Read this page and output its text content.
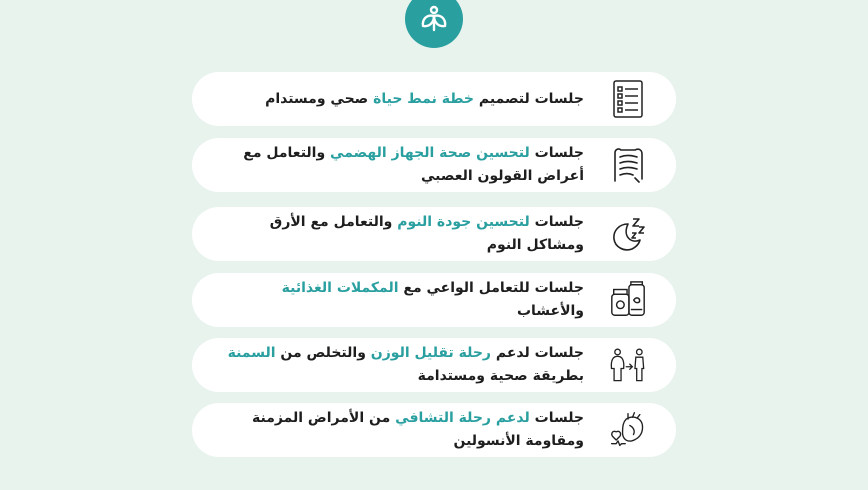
جلسات لتصميم خطة نمط حياة صحي ومستدام
جلسات لتحسين صحة الجهاز الهضمي والتعامل مع أعراض القولون العصبي
جلسات لتحسين جودة النوم والتعامل مع الأرق ومشاكل النوم
جلسات للتعامل الواعي مع المكملات الغذائية والأعشاب
جلسات لدعم رحلة تقليل الوزن والتخلص من السمنة بطريقة صحية ومستدامة
جلسات لدعم رحلة التشافي من الأمراض المزمنة ومقاومة الأنسولين
